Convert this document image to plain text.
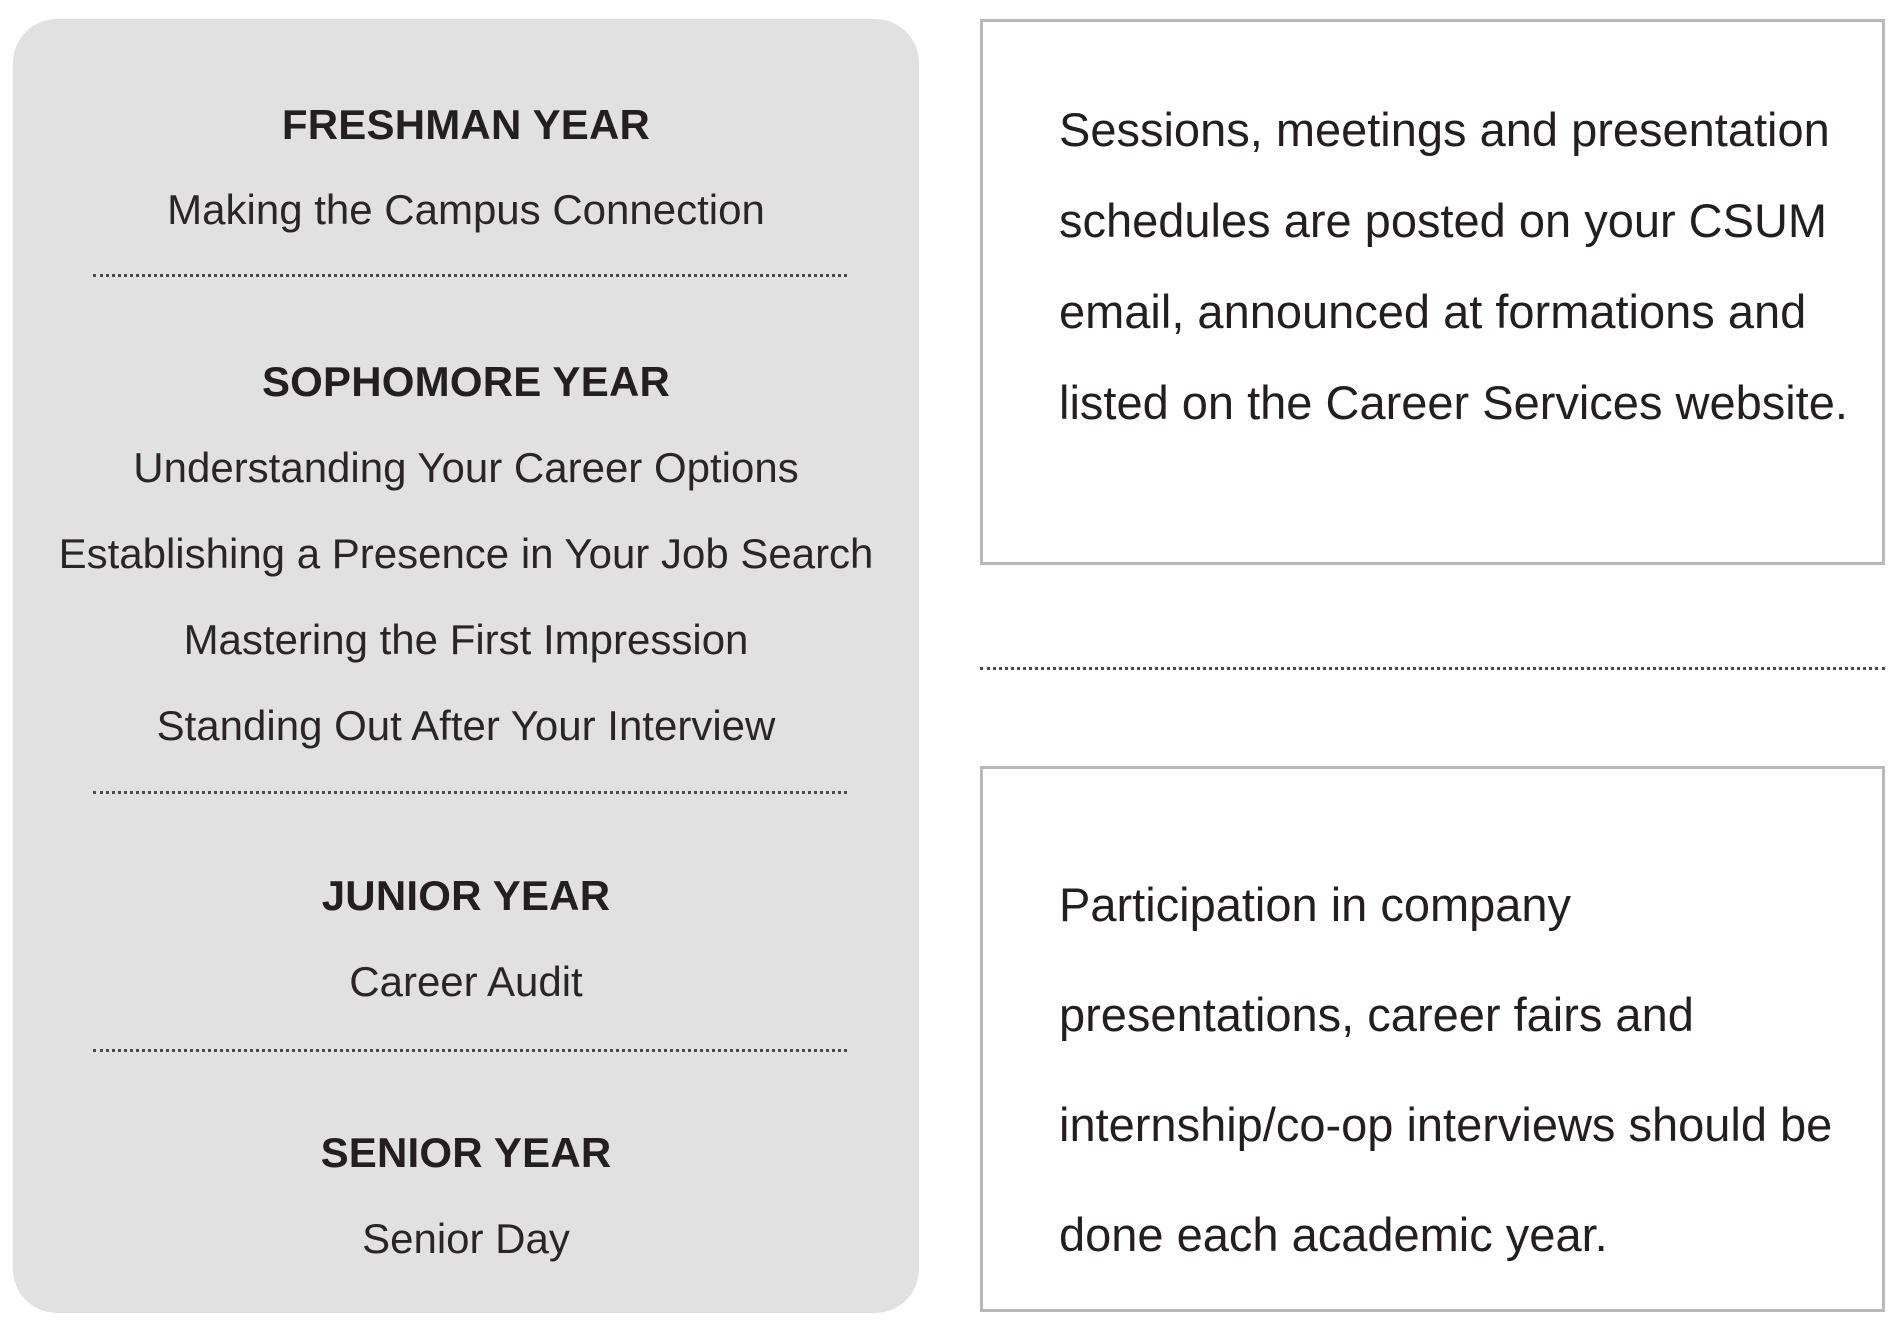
FRESHMAN YEAR
Making the Campus Connection
SOPHOMORE YEAR
Understanding Your Career Options
Establishing a Presence in Your Job Search
Mastering the First Impression
Standing Out After Your Interview
JUNIOR YEAR
Career Audit
SENIOR YEAR
Senior Day
Sessions, meetings and presentation schedules are posted on your CSUM email, announced at formations and listed on the Career Services website.
Participation in company presentations, career fairs and internship/co-op interviews should be done each academic year.
